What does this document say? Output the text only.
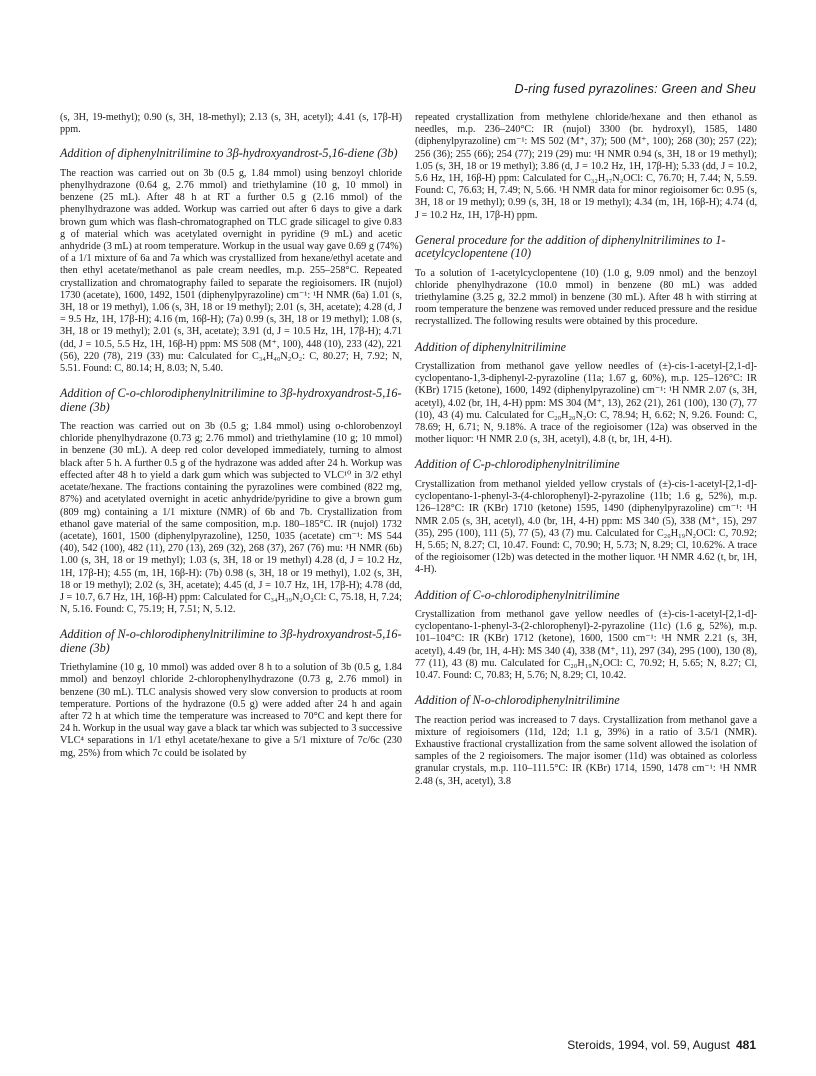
D-ring fused pyrazolines: Green and Sheu

(s, 3H, 19-methyl); 0.90 (s, 3H, 18-methyl); 2.13 (s, 3H, acetyl); 4.41 (s, 17β-H) ppm.

Addition of diphenylnitrilimine to 3β-hydroxyandrost-5,16-diene (3b)

The reaction was carried out on 3b (0.5 g, 1.84 mmol) using benzoyl chloride phenylhydrazone (0.64 g, 2.76 mmol) and triethylamine (10 g, 10 mmol) in benzene (25 mL). After 48 h at RT a further 0.5 g (2.16 mmol) of the phenylhydrazone was added. Workup was carried out after 6 days to give a dark brown gum which was flash-chromatographed on TLC grade silicagel to give 0.83 g of material which was acetylated overnight in pyridine (9 mL) and acetic anhydride (3 mL) at room temperature. Workup in the usual way gave 0.69 g (74%) of a 1/1 mixture of 6a and 7a which was crystallized from hexane/ethyl acetate and then ethyl acetate/methanol as pale cream needles, m.p. 255–258°C. Repeated crystallization and chromatography failed to separate the regioisomers. IR (nujol) 1730 (acetate), 1600, 1492, 1501 (diphenylpyrazoline) cm⁻¹: ¹H NMR (6a) 1.01 (s, 3H, 18 or 19 methyl), 1.06 (s, 3H, 18 or 19 methyl); 2.01 (s, 3H, acetate); 4.28 (d, J = 9.5 Hz, 1H, 17β-H); 4.16 (m, 16β-H); (7a) 0.99 (s, 3H, 18 or 19 methyl); 1.08 (s, 3H, 18 or 19 methyl); 2.01 (s, 3H, acetate); 3.91 (d, J = 10.5 Hz, 1H, 17β-H); 4.71 (dd, J = 10.5, 5.5 Hz, 1H, 16β-H) ppm: MS 508 (M⁺, 100), 448 (10), 233 (42), 221 (56), 220 (78), 219 (33) mu: Calculated for C₃₄H₄₀N₂O₂: C, 80.27; H, 7.92; N, 5.51. Found: C, 80.14; H, 8.03; N, 5.40.

Addition of C-o-chlorodiphenylnitrilimine to 3β-hydroxyandrost-5,16-diene (3b)

The reaction was carried out on 3b (0.5 g; 1.84 mmol) using o-chlorobenzoyl chloride phenylhydrazone (0.73 g; 2.76 mmol) and triethylamine (10 g; 10 mmol) in benzene (30 mL). A deep red color developed immediately, turning to almost black after 5 h. A further 0.5 g of the hydrazone was added after 24 h. Workup was effected after 48 h to yield a dark gum which was subjected to VLC¹⁰ in 3/2 ethyl acetate/hexane. The fractions containing the pyrazolines were combined (822 mg, 87%) and acetylated overnight in acetic anhydride/pyridine to give a brown gum (809 mg) containing a 1/1 mixture (NMR) of 6b and 7b. Crystallization from ethanol gave material of the same composition, m.p. 180–185°C. IR (nujol) 1732 (acetate), 1601, 1500 (diphenylpyrazoline), 1250, 1035 (acetate) cm⁻¹: MS 544 (40), 542 (100), 482 (11), 270 (13), 269 (32), 268 (37), 267 (76) mu: ¹H NMR (6b) 1.00 (s, 3H, 18 or 19 methyl); 1.03 (s, 3H, 18 or 19 methyl) 4.28 (d, J = 10.2 Hz, 1H, 17β-H); 4.55 (m, 1H, 16β-H): (7b) 0.98 (s, 3H, 18 or 19 methyl), 1.02 (s, 3H, 18 or 19 methyl); 2.02 (s, 3H, acetate); 4.45 (d, J = 10.7 Hz, 1H, 17β-H); 4.78 (dd, J = 10.7, 6.7 Hz, 1H, 16β-H) ppm: Calculated for C₃₄H₃₉N₂O₂Cl: C, 75.18, H, 7.24; N, 5.16. Found: C, 75.19; H, 7.51; N, 5.12.

Addition of N-o-chlorodiphenylnitrilimine to 3β-hydroxyandrost-5,16-diene (3b)

Triethylamine (10 g, 10 mmol) was added over 8 h to a solution of 3b (0.5 g, 1.84 mmol) and benzoyl chloride 2-chlorophenylhydrazone (0.73 g, 2.76 mmol) in benzene (30 mL). TLC analysis showed very slow conversion to products at room temperature. Portions of the hydrazone (0.5 g) were added after 24 h and again after 72 h at which time the temperature was increased to 70°C and kept there for 24 h. Workup in the usual way gave a black tar which was subjected to 3 successive VLC⁴ separations in 1/1 ethyl acetate/hexane to give a 5/1 mixture of 7c/6c (230 mg, 25%) from which 7c could be isolated by

repeated crystallization from methylene chloride/hexane and then ethanol as needles, m.p. 236–240°C: IR (nujol) 3300 (br. hydroxyl), 1585, 1480 (diphenylpyrazoline) cm⁻¹: MS 502 (M⁺, 37); 500 (M⁺, 100); 268 (30); 257 (22); 256 (36); 255 (66); 254 (77); 219 (29) mu: ¹H NMR 0.94 (s, 3H, 18 or 19 methyl); 1.05 (s, 3H, 18 or 19 methyl); 3.86 (d, J = 10.2 Hz, 1H, 17β-H); 5.33 (dd, J = 10.2, 5.6 Hz, 1H, 16β-H) ppm: Calculated for C₃₂H₃₇N₂OCl: C, 76.70; H, 7.44; N, 5.59. Found: C, 76.63; H, 7.49; N, 5.66. ¹H NMR data for minor regioisomer 6c: 0.95 (s, 3H, 18 or 19 methyl); 0.99 (s, 3H, 18 or 19 methyl); 4.34 (m, 1H, 16β-H); 4.74 (d, J = 10.2 Hz, 1H, 17β-H) ppm.

General procedure for the addition of diphenylnitrilimines to 1-acetylcyclopentene (10)

To a solution of 1-acetylcyclopentene (10) (1.0 g, 9.09 nmol) and the benzoyl chloride phenylhydrazone (10.0 mmol) in benzene (80 mL) was added triethylamine (3.25 g, 32.2 mmol) in benzene (30 mL). After 48 h with stirring at room temperature the benzene was removed under reduced pressure and the residue recrystallized. The following results were obtained by this procedure.

Addition of diphenylnitrilimine

Crystallization from methanol gave yellow needles of (±)-cis-1-acetyl-[2,1-d]-cyclopentano-1,3-diphenyl-2-pyrazoline (11a; 1.67 g, 60%), m.p. 125–126°C: IR (KBr) 1715 (ketone), 1600, 1492 (diphenylpyrazoline) cm⁻¹: ¹H NMR 2.07 (s, 3H, acetyl), 4.02 (br, 1H, 4-H) ppm: MS 304 (M⁺, 13), 262 (21), 261 (100), 130 (7), 77 (10), 43 (4) mu. Calculated for C₂₀H₂₀N₂O: C, 78.94; H, 6.62; N, 9.26. Found: C, 78.69; H, 6.71; N, 9.18%. A trace of the regioisomer (12a) was observed in the mother liquor: ¹H NMR 2.0 (s, 3H, acetyl), 4.8 (t, br, 1H, 4-H).

Addition of C-p-chlorodiphenylnitrilimine

Crystallization from methanol yielded yellow crystals of (±)-cis-1-acetyl-[2,1-d]-cyclopentano-1-phenyl-3-(4-chlorophenyl)-2-pyrazoline (11b; 1.6 g, 52%), m.p. 126–128°C: IR (KBr) 1710 (ketone) 1595, 1490 (diphenylpyrazoline) cm⁻¹: ¹H NMR 2.05 (s, 3H, acetyl), 4.0 (br, 1H, 4-H) ppm: MS 340 (5), 338 (M⁺, 15), 297 (35), 295 (100), 111 (5), 77 (5), 43 (7) mu. Calculated for C₂₀H₁₉N₂OCl: C, 70.92; H, 5.65; N, 8.27; Cl, 10.47. Found: C, 70.90; H, 5.73; N, 8.29; Cl, 10.62%. A trace of the regioisomer (12b) was detected in the mother liquor. ¹H NMR 4.62 (t, br, 1H, 4-H).

Addition of C-o-chlorodiphenylnitrilimine

Crystallization from methanol gave yellow needles of (±)-cis-1-acetyl-[2,1-d]-cyclopentano-1-phenyl-3-(2-chlorophenyl)-2-pyrazoline (11c) (1.6 g, 52%), m.p. 101–104°C: IR (KBr) 1712 (ketone), 1600, 1500 cm⁻¹: ¹H NMR 2.21 (s, 3H, acetyl), 4.49 (br, 1H, 4-H): MS 340 (4), 338 (M⁺, 11), 297 (34), 295 (100), 130 (8), 77 (11), 43 (8) mu. Calculated for C₂₀H₁₉N₂OCl: C, 70.92; H, 5.65; N, 8.27; Cl, 10.47. Found: C, 70.83; H, 5.76; N, 8.29; Cl, 10.42.

Addition of N-o-chlorodiphenylnitrilimine

The reaction period was increased to 7 days. Crystallization from methanol gave a mixture of regioisomers (11d, 12d; 1.1 g, 39%) in a ratio of 3.5/1 (NMR). Exhaustive fractional crystallization from the same solvent allowed the isolation of samples of the 2 regioisomers. The major isomer (11d) was obtained as colorless granular crystals, m.p. 110–111.5°C: IR (KBr) 1714, 1590, 1478 cm⁻¹: ¹H NMR 2.48 (s, 3H, acetyl), 3.8

Steroids, 1994, vol. 59, August 481
